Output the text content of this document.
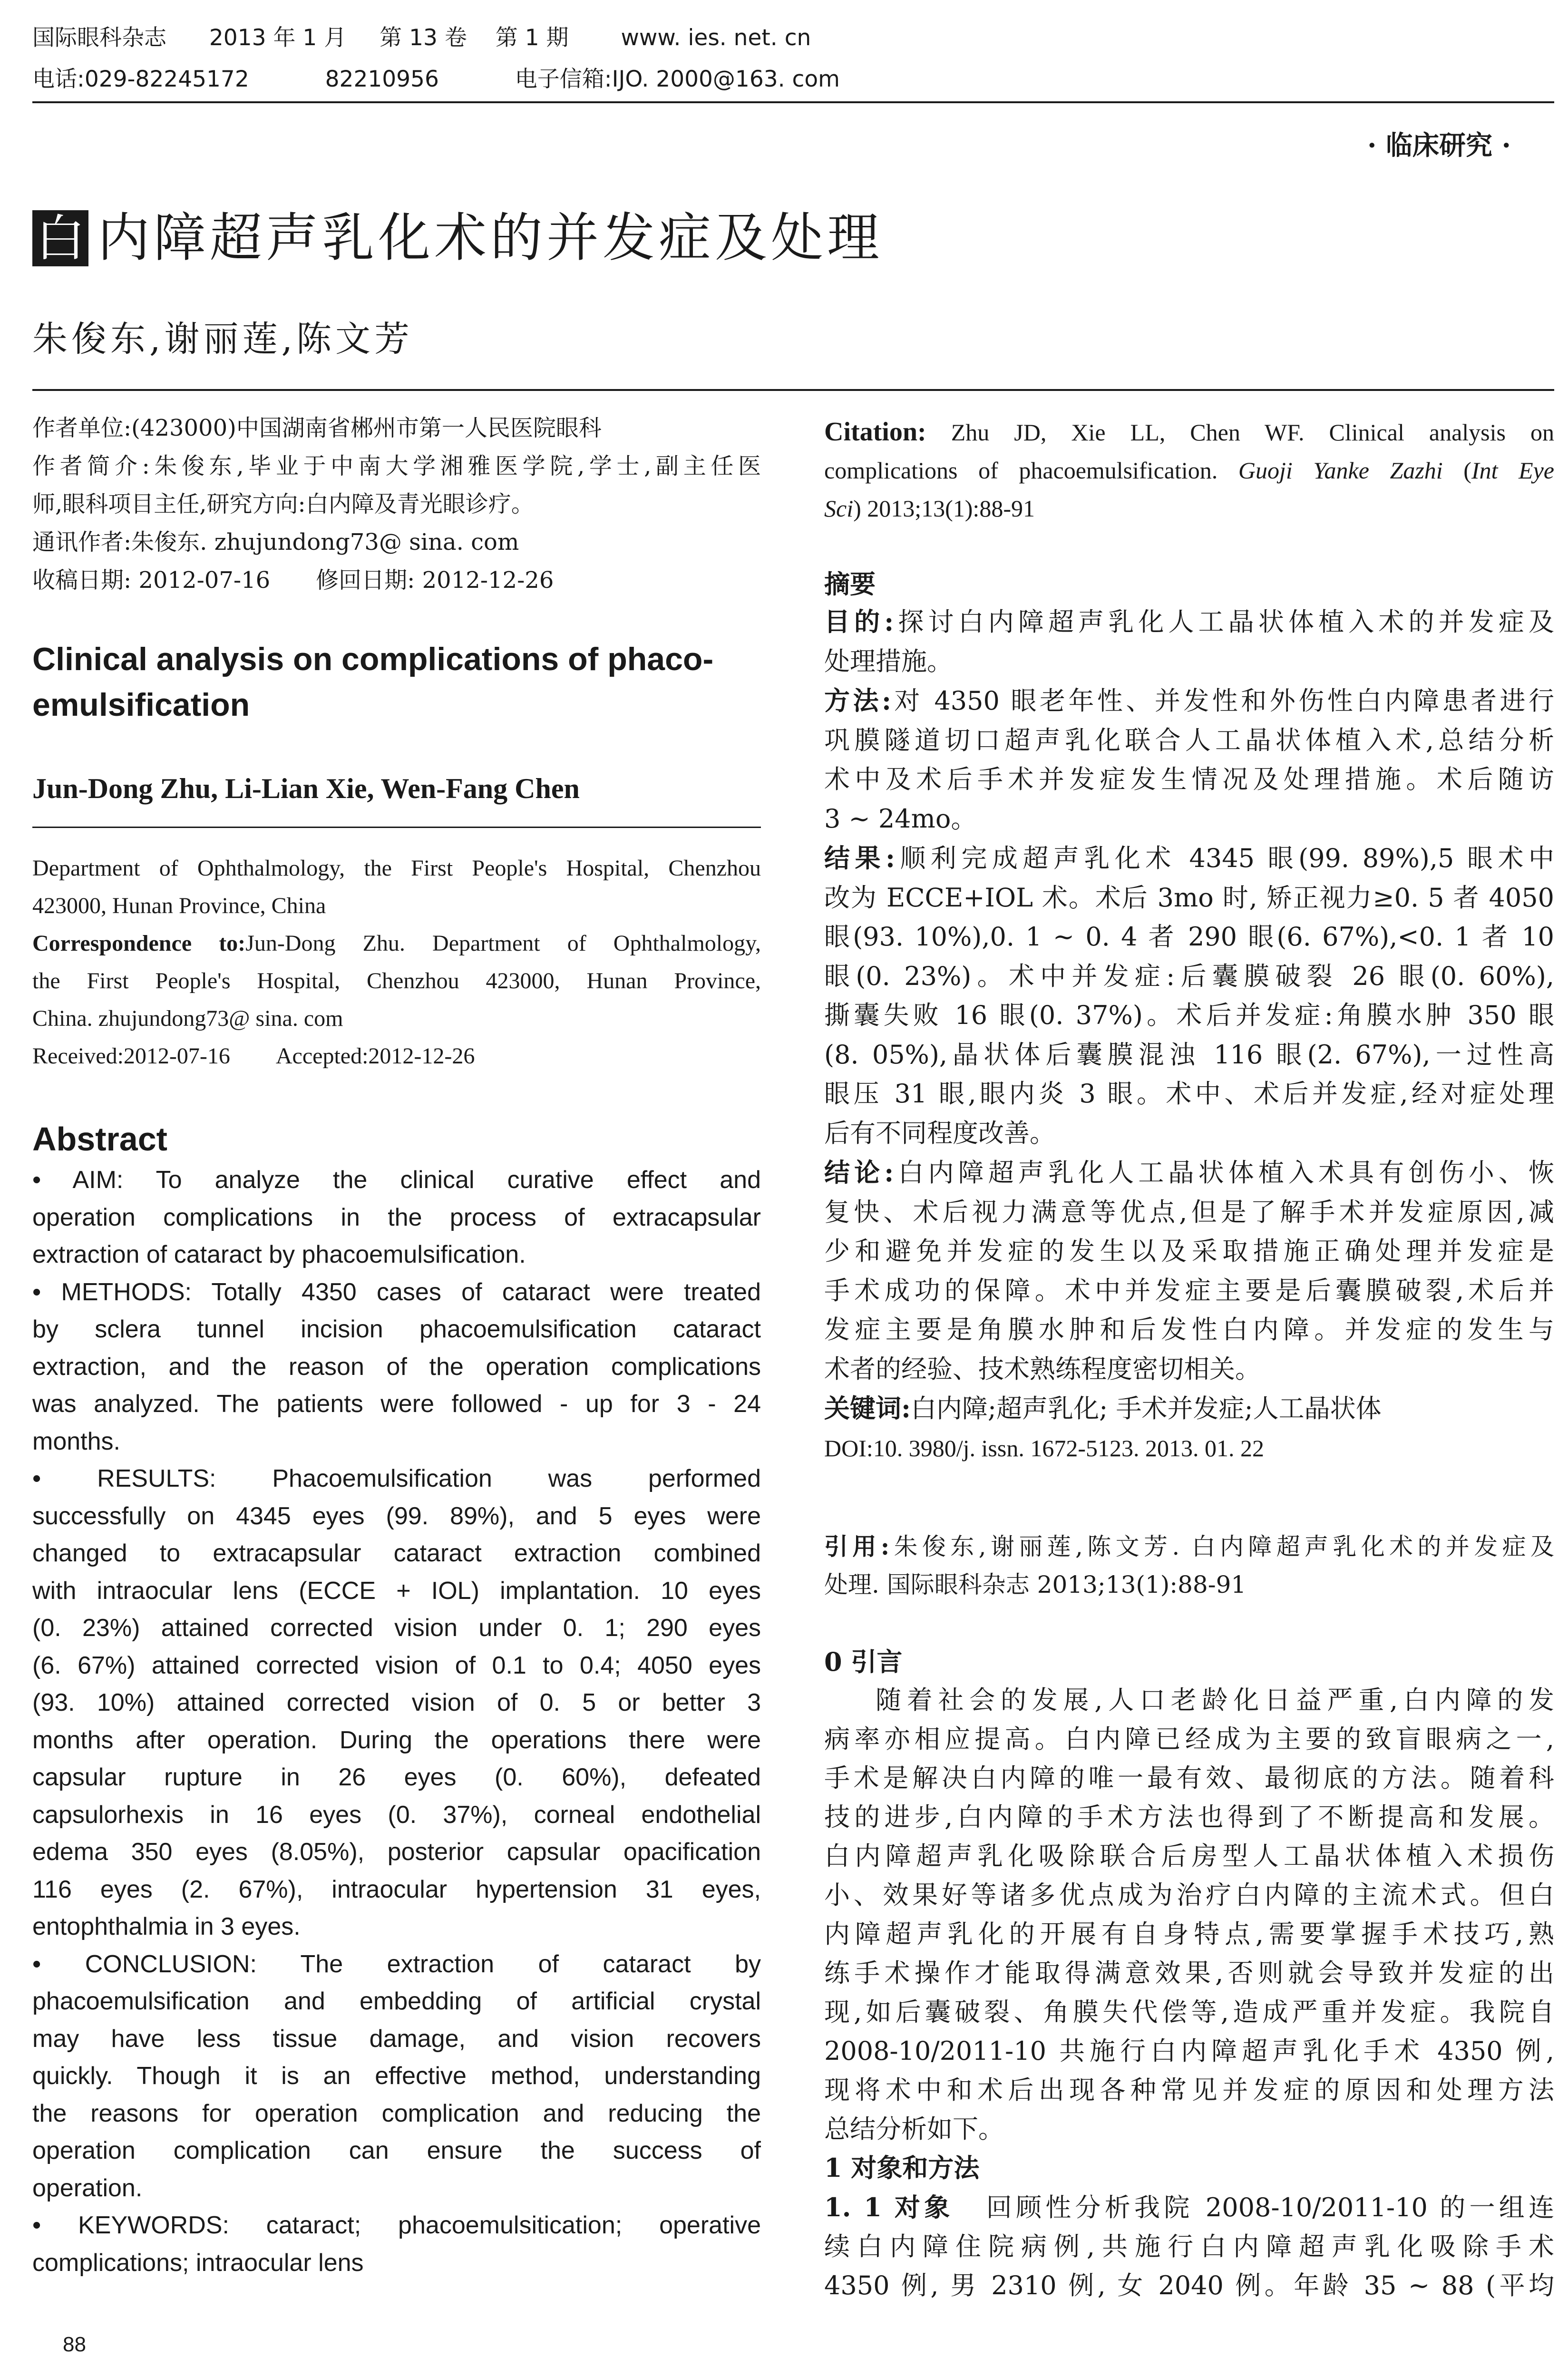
国际眼科杂志 2013 年 1 月 第 13 卷 第 1 期 www. ies. net. cn
电话:029-82245172	82210956	电子信箱:IJO. 2000@163. com
· 临床研究 ·
白 内障超声乳化术的并发症及处理
朱俊东,谢丽莲,陈文芳

作者单位:(423000)中国湖南省郴州市第一人民医院眼科

作者简介:朱俊东,毕业于中南大学湘雅医学院,学士,副主任医

师,眼科项目主任,研究方向:白内障及青光眼诊疗。

通讯作者:朱俊东. zhujundong73@ sina. com

收稿日期: 2012-07-16　　修回日期: 2012-12-26

Clinical analysis on complications of phaco-
emulsification
Jun-Dong Zhu, Li-Lian Xie, Wen-Fang Chen

Department of Ophthalmology, the First People's Hospital, Chenzhou

423000, Hunan Province, China

Correspondence to:Jun-Dong Zhu. Department of Ophthalmology,

the First People's Hospital, Chenzhou 423000, Hunan Province,

China. zhujundong73@ sina. com

Received:2012-07-16　　Accepted:2012-12-26

Abstract

• AIM: To analyze the clinical curative effect and

operation complications in the process of extracapsular

extraction of cataract by phacoemulsification.

• METHODS: Totally 4350 cases of cataract were treated

by sclera tunnel incision phacoemulsification cataract

extraction, and the reason of the operation complications

was analyzed. The patients were followed - up for 3 - 24

months.

• RESULTS: Phacoemulsification was performed

successfully on 4345 eyes (99. 89%), and 5 eyes were

changed to extracapsular cataract extraction combined

with intraocular lens (ECCE + IOL) implantation. 10 eyes

(0. 23%) attained corrected vision under 0. 1; 290 eyes

(6. 67%) attained corrected vision of 0.1 to 0.4; 4050 eyes

(93. 10%) attained corrected vision of 0. 5 or better 3

months after operation. During the operations there were

capsular rupture in 26 eyes (0. 60%), defeated

capsulorhexis in 16 eyes (0. 37%), corneal endothelial

edema 350 eyes (8.05%), posterior capsular opacification

116 eyes (2. 67%), intraocular hypertension 31 eyes,

entophthalmia in 3 eyes.

• CONCLUSION: The extraction of cataract by

phacoemulsification and embedding of artificial crystal

may have less tissue damage, and vision recovers

quickly. Though it is an effective method, understanding

the reasons for operation complication and reducing the

operation complication can ensure the success of

operation.

• KEYWORDS: cataract; phacoemulsitication; operative

complications; intraocular lens

88

Citation: Zhu JD, Xie LL, Chen WF. Clinical analysis on

complications of phacoemulsification. Guoji Yanke Zazhi (Int Eye

Sci) 2013;13(1):88-91

摘要

目的:探讨白内障超声乳化人工晶状体植入术的并发症及

处理措施。

方法:对 4350 眼老年性、并发性和外伤性白内障患者进行

巩膜隧道切口超声乳化联合人工晶状体植入术,总结分析

术中及术后手术并发症发生情况及处理措施。术后随访

3 ~ 24mo。

结果:顺利完成超声乳化术 4345 眼(99. 89%),5 眼术中

改为 ECCE+IOL 术。术后 3mo 时, 矫正视力≥0. 5 者 4050

眼(93. 10%),0. 1 ~ 0. 4 者 290 眼(6. 67%),<0. 1 者 10

眼(0. 23%)。术中并发症:后囊膜破裂 26 眼(0. 60%),

撕囊失败 16 眼(0. 37%)。术后并发症:角膜水肿 350 眼

(8. 05%),晶状体后囊膜混浊 116 眼(2. 67%),一过性高

眼压 31 眼,眼内炎 3 眼。术中、术后并发症,经对症处理

后有不同程度改善。

结论:白内障超声乳化人工晶状体植入术具有创伤小、恢

复快、术后视力满意等优点,但是了解手术并发症原因,减

少和避免并发症的发生以及采取措施正确处理并发症是

手术成功的保障。术中并发症主要是后囊膜破裂,术后并

发症主要是角膜水肿和后发性白内障。并发症的发生与

术者的经验、技术熟练程度密切相关。

关键词:白内障;超声乳化; 手术并发症;人工晶状体

DOI:10. 3980/j. issn. 1672-5123. 2013. 01. 22

引用:朱俊东,谢丽莲,陈文芳. 白内障超声乳化术的并发症及

处理. 国际眼科杂志 2013;13(1):88-91

0 引言

随着社会的发展,人口老龄化日益严重,白内障的发

病率亦相应提高。白内障已经成为主要的致盲眼病之一,

手术是解决白内障的唯一最有效、最彻底的方法。随着科

技的进步,白内障的手术方法也得到了不断提高和发展。

白内障超声乳化吸除联合后房型人工晶状体植入术损伤

小、效果好等诸多优点成为治疗白内障的主流术式。但白

内障超声乳化的开展有自身特点,需要掌握手术技巧,熟

练手术操作才能取得满意效果,否则就会导致并发症的出

现,如后囊破裂、角膜失代偿等,造成严重并发症。我院自

2008-10/2011-10 共施行白内障超声乳化手术 4350 例,

现将术中和术后出现各种常见并发症的原因和处理方法

总结分析如下。

1 对象和方法

1. 1 对象 回顾性分析我院 2008-10/2011-10 的一组连

续白内障住院病例,共施行白内障超声乳化吸除手术

4350 例, 男 2310 例, 女 2040 例。年龄 35 ~ 88 (平均
